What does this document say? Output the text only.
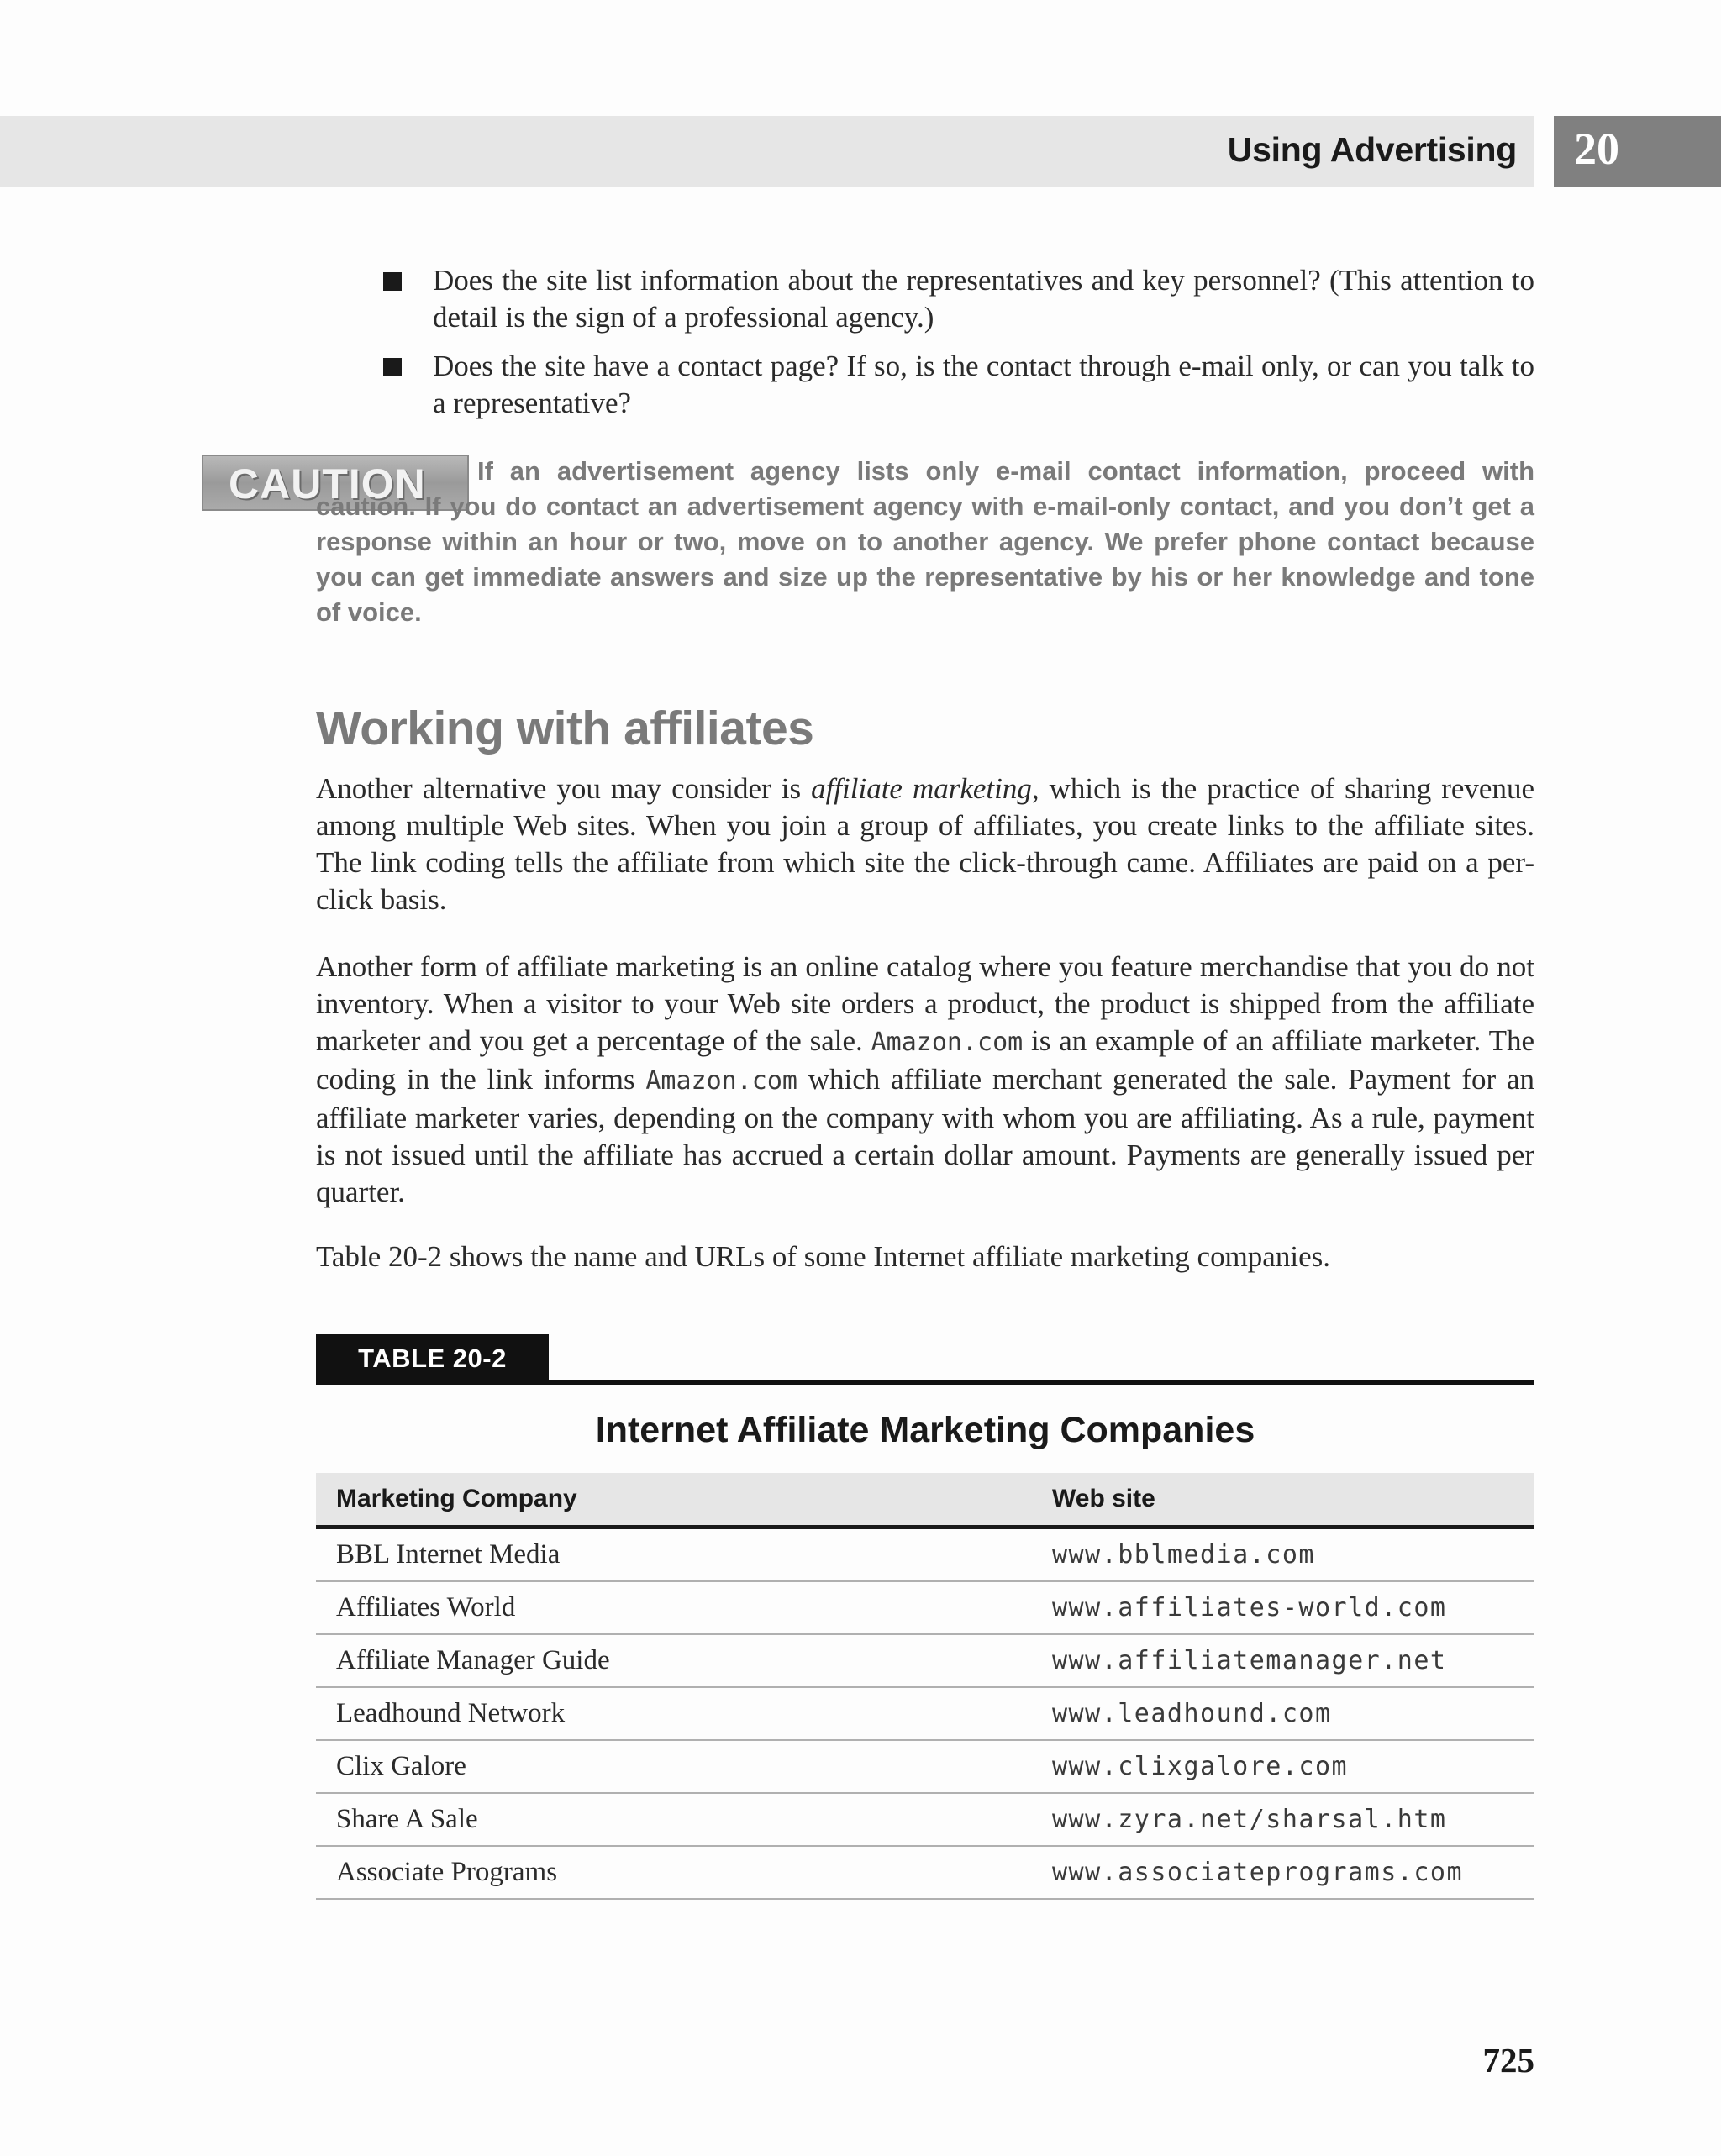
Using Advertising 20
Does the site list information about the representatives and key personnel? (This attention to detail is the sign of a professional agency.)
Does the site have a contact page? If so, is the contact through e-mail only, or can you talk to a representative?
CAUTION	If an advertisement agency lists only e-mail contact information, proceed with caution. If you do contact an advertisement agency with e-mail-only contact, and you don’t get a response within an hour or two, move on to another agency. We prefer phone contact because you can get immediate answers and size up the representative by his or her knowledge and tone of voice.

Working with affiliates

Another alternative you may consider is affiliate marketing, which is the practice of sharing revenue among multiple Web sites. When you join a group of affiliates, you create links to the affiliate sites. The link coding tells the affiliate from which site the click-through came. Affiliates are paid on a per-click basis.

Another form of affiliate marketing is an online catalog where you feature merchandise that you do not inventory. When a visitor to your Web site orders a product, the product is shipped from the affiliate marketer and you get a percentage of the sale. Amazon.com is an example of an affiliate marketer. The coding in the link informs Amazon.com which affiliate merchant generated the sale. Payment for an affiliate marketer varies, depending on the company with whom you are affiliating. As a rule, payment is not issued until the affiliate has accrued a certain dollar amount. Payments are generally issued per quarter.

Table 20-2 shows the name and URLs of some Internet affiliate marketing companies.

TABLE 20-2
Internet Affiliate Marketing Companies
Marketing Company	Web site
BBL Internet Media	www.bblmedia.com
Affiliates World	www.affiliates-world.com
Affiliate Manager Guide	www.affiliatemanager.net
Leadhound Network	www.leadhound.com
Clix Galore	www.clixgalore.com
Share A Sale	www.zyra.net/sharsal.htm
Associate Programs	www.associateprograms.com
725
